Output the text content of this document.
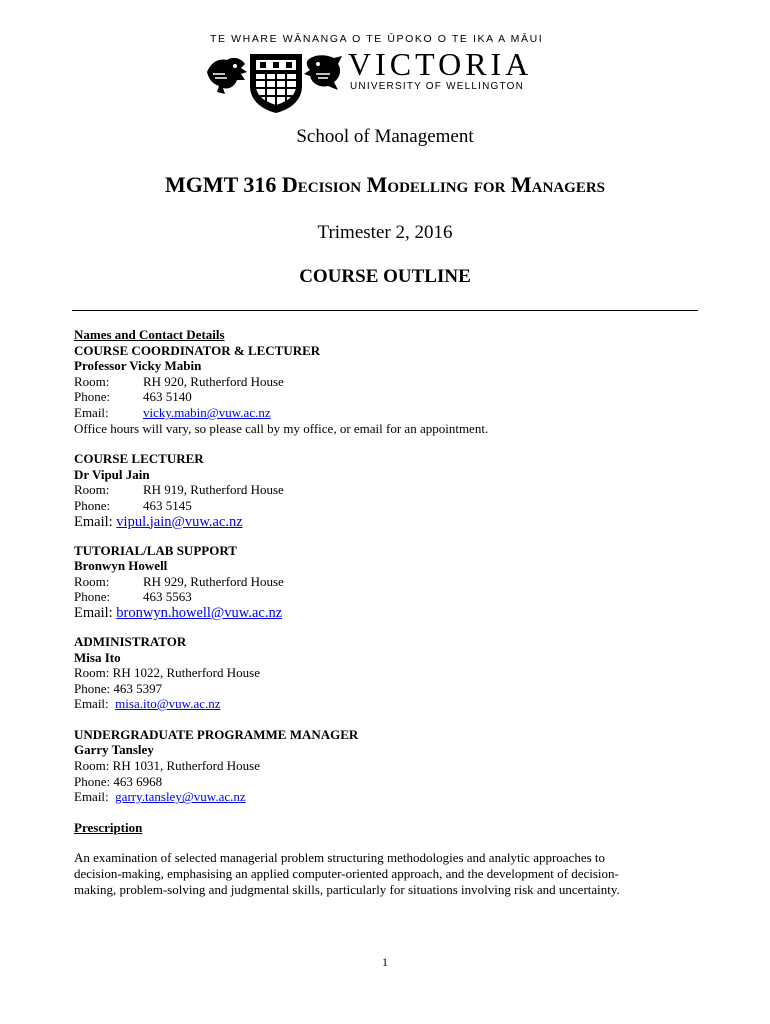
TE WHARE WĀNANGA O TE ŪPOKO O TE IKA A MĀUI
VICTORIA
UNIVERSITY OF WELLINGTON
School of Management
MGMT 316 Decision Modelling for Managers
Trimester 2, 2016
COURSE OUTLINE
Names and Contact Details
COURSE COORDINATOR & LECTURER
Professor Vicky Mabin
Room:	RH 920, Rutherford House
Phone:	463 5140
Email:	vicky.mabin@vuw.ac.nz
Office hours will vary, so please call by my office, or email for an appointment.
COURSE LECTURER
Dr Vipul Jain
Room:	RH 919, Rutherford House
Phone:	463 5145
Email: vipul.jain@vuw.ac.nz
TUTORIAL/LAB SUPPORT
Bronwyn Howell
Room:	RH 929, Rutherford House
Phone:	463 5563
Email: bronwyn.howell@vuw.ac.nz
ADMINISTRATOR
Misa Ito
Room: RH 1022, Rutherford House
Phone: 463 5397
Email: misa.ito@vuw.ac.nz
UNDERGRADUATE PROGRAMME MANAGER
Garry Tansley
Room: RH 1031, Rutherford House
Phone: 463 6968
Email: garry.tansley@vuw.ac.nz
Prescription
An examination of selected managerial problem structuring methodologies and analytic approaches to
decision-making, emphasising an applied computer-oriented approach, and the development of decision-
making, problem-solving and judgmental skills, particularly for situations involving risk and uncertainty.
1
